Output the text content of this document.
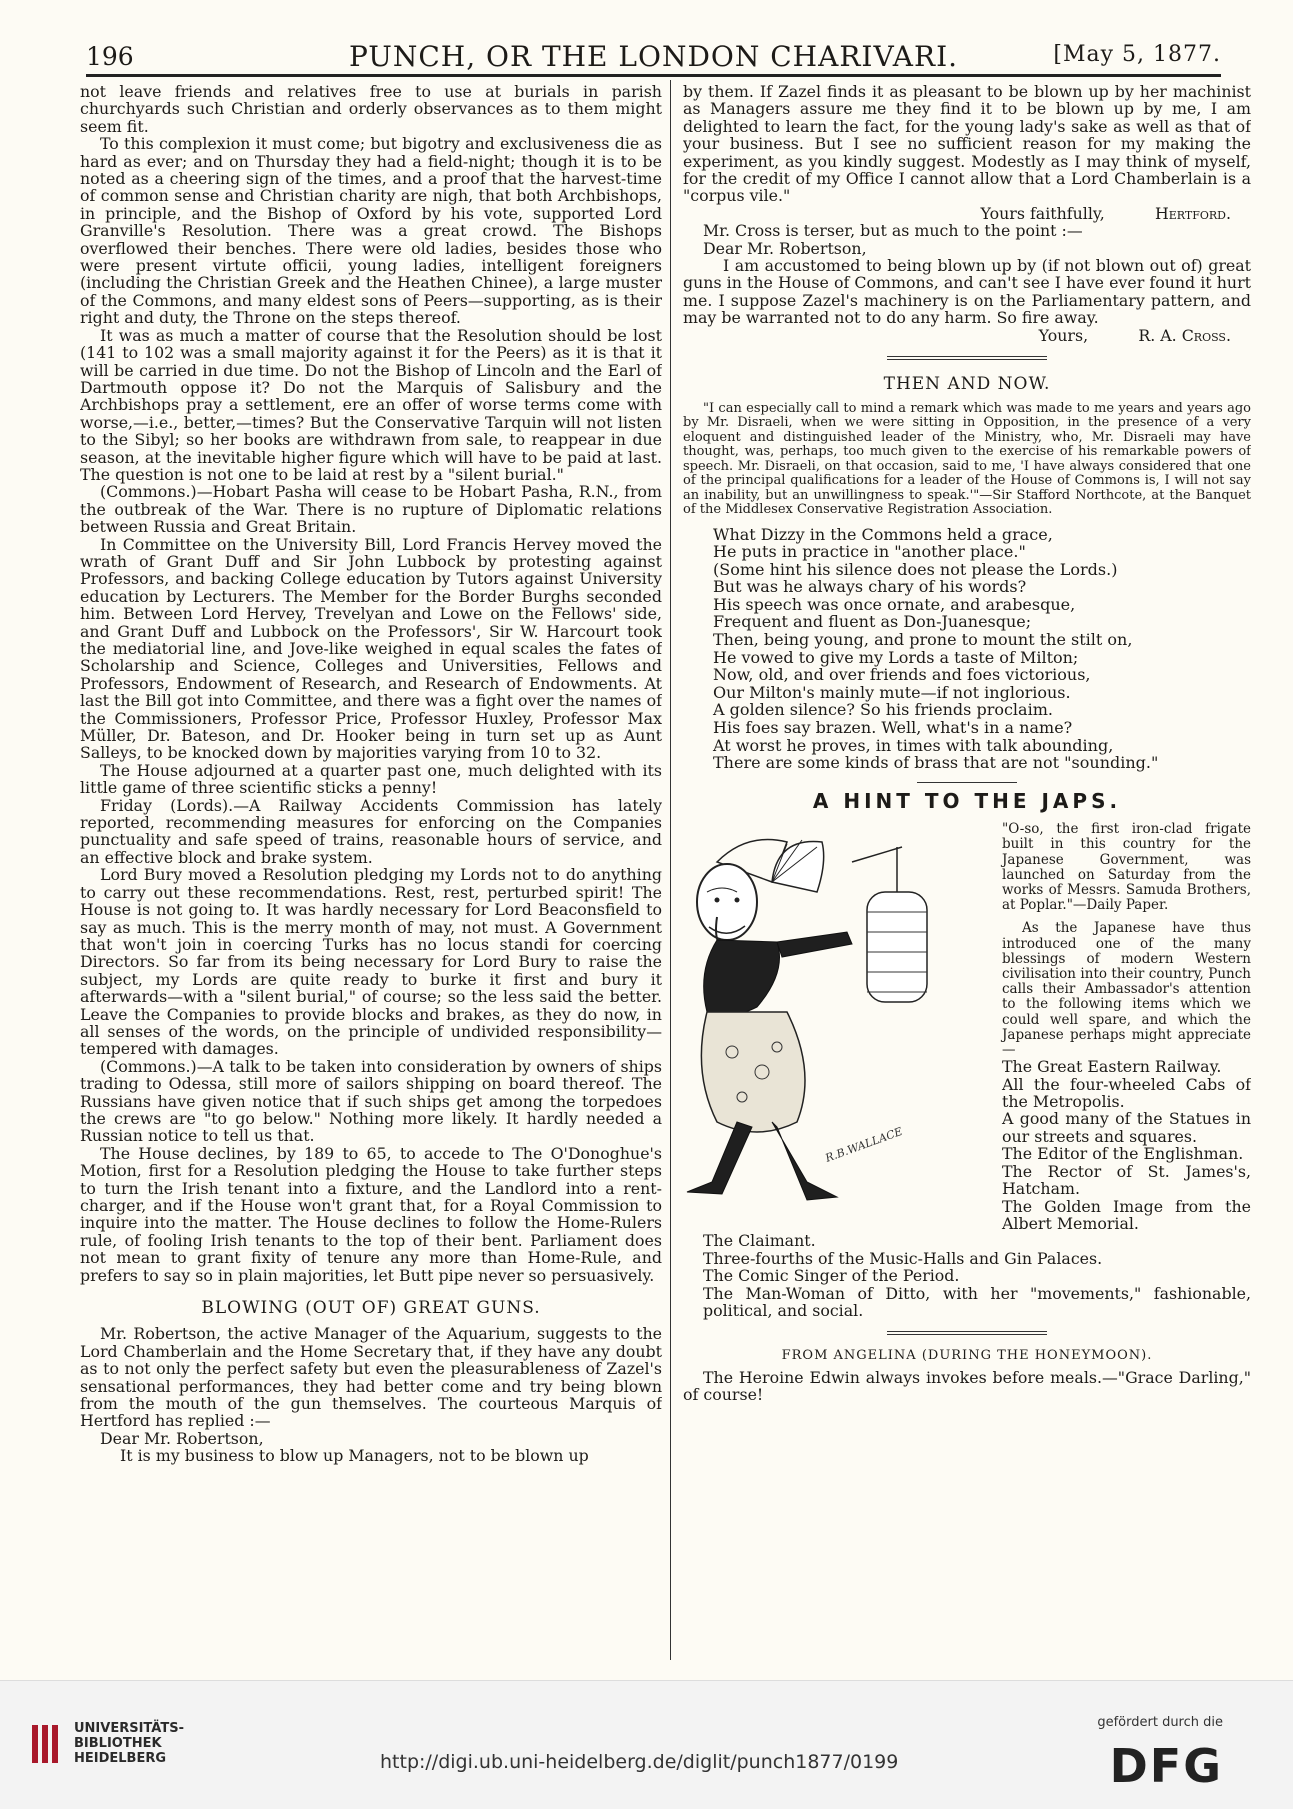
196	PUNCH, OR THE LONDON CHARIVARI.	[May 5, 1877.

not leave friends and relatives free to use at burials in parish churchyards such Christian and orderly observances as to them might seem fit.

To this complexion it must come; but bigotry and exclusiveness die as hard as ever; and on Thursday they had a field-night; though it is to be noted as a cheering sign of the times, and a proof that the harvest-time of common sense and Christian charity are nigh, that both Archbishops, in principle, and the Bishop of Oxford by his vote, supported Lord Granville's Resolution. There was a great crowd. The Bishops overflowed their benches. There were old ladies, besides those who were present virtute officii, young ladies, intelligent foreigners (including the Christian Greek and the Heathen Chinee), a large muster of the Commons, and many eldest sons of Peers—supporting, as is their right and duty, the Throne on the steps thereof.

It was as much a matter of course that the Resolution should be lost (141 to 102 was a small majority against it for the Peers) as it is that it will be carried in due time. Do not the Bishop of Lincoln and the Earl of Dartmouth oppose it? Do not the Marquis of Salisbury and the Archbishops pray a settlement, ere an offer of worse terms come with worse,—i.e., better,—times? But the Conservative Tarquin will not listen to the Sibyl; so her books are withdrawn from sale, to reappear in due season, at the inevitable higher figure which will have to be paid at last. The question is not one to be laid at rest by a "silent burial."

(Commons.)—Hobart Pasha will cease to be Hobart Pasha, R.N., from the outbreak of the War. There is no rupture of Diplomatic relations between Russia and Great Britain.

In Committee on the University Bill, Lord Francis Hervey moved the wrath of Grant Duff and Sir John Lubbock by protesting against Professors, and backing College education by Tutors against University education by Lecturers. The Member for the Border Burghs seconded him. Between Lord Hervey, Trevelyan and Lowe on the Fellows' side, and Grant Duff and Lubbock on the Professors', Sir W. Harcourt took the mediatorial line, and Jove-like weighed in equal scales the fates of Scholarship and Science, Colleges and Universities, Fellows and Professors, Endowment of Research, and Research of Endowments. At last the Bill got into Committee, and there was a fight over the names of the Commissioners, Professor Price, Professor Huxley, Professor Max Müller, Dr. Bateson, and Dr. Hooker being in turn set up as Aunt Salleys, to be knocked down by majorities varying from 10 to 32.

The House adjourned at a quarter past one, much delighted with its little game of three scientific sticks a penny!

Friday (Lords).—A Railway Accidents Commission has lately reported, recommending measures for enforcing on the Companies punctuality and safe speed of trains, reasonable hours of service, and an effective block and brake system.

Lord Bury moved a Resolution pledging my Lords not to do anything to carry out these recommendations. Rest, rest, perturbed spirit! The House is not going to. It was hardly necessary for Lord Beaconsfield to say as much. This is the merry month of may, not must. A Government that won't join in coercing Turks has no locus standi for coercing Directors. So far from its being necessary for Lord Bury to raise the subject, my Lords are quite ready to burke it first and bury it afterwards—with a "silent burial," of course; so the less said the better. Leave the Companies to provide blocks and brakes, as they do now, in all senses of the words, on the principle of undivided responsibility—tempered with damages.

(Commons.)—A talk to be taken into consideration by owners of ships trading to Odessa, still more of sailors shipping on board thereof. The Russians have given notice that if such ships get among the torpedoes the crews are "to go below." Nothing more likely. It hardly needed a Russian notice to tell us that.

The House declines, by 189 to 65, to accede to The O'Donoghue's Motion, first for a Resolution pledging the House to take further steps to turn the Irish tenant into a fixture, and the Landlord into a rent-charger, and if the House won't grant that, for a Royal Commission to inquire into the matter. The House declines to follow the Home-Rulers rule, of fooling Irish tenants to the top of their bent. Parliament does not mean to grant fixity of tenure any more than Home-Rule, and prefers to say so in plain majorities, let Butt pipe never so persuasively.

BLOWING (OUT OF) GREAT GUNS.

Mr. Robertson, the active Manager of the Aquarium, suggests to the Lord Chamberlain and the Home Secretary that, if they have any doubt as to not only the perfect safety but even the pleasurableness of Zazel's sensational performances, they had better come and try being blown from the mouth of the gun themselves. The courteous Marquis of Hertford has replied :—

Dear Mr. Robertson,

It is my business to blow up Managers, not to be blown up

by them. If Zazel finds it as pleasant to be blown up by her machinist as Managers assure me they find it to be blown up by me, I am delighted to learn the fact, for the young lady's sake as well as that of your business. But I see no sufficient reason for my making the experiment, as you kindly suggest. Modestly as I may think of myself, for the credit of my Office I cannot allow that a Lord Chamberlain is a "corpus vile."

Yours faithfully,	Hertford.

Mr. Cross is terser, but as much to the point :—

Dear Mr. Robertson,

I am accustomed to being blown up by (if not blown out of) great guns in the House of Commons, and can't see I have ever found it hurt me. I suppose Zazel's machinery is on the Parliamentary pattern, and may be warranted not to do any harm. So fire away.

Yours,	R. A. Cross.

THEN AND NOW.

"I can especially call to mind a remark which was made to me years and years ago by Mr. Disraeli, when we were sitting in Opposition, in the presence of a very eloquent and distinguished leader of the Ministry, who, Mr. Disraeli may have thought, was, perhaps, too much given to the exercise of his remarkable powers of speech. Mr. Disraeli, on that occasion, said to me, 'I have always considered that one of the principal qualifications for a leader of the House of Commons is, I will not say an inability, but an unwillingness to speak.'"—Sir Stafford Northcote, at the Banquet of the Middlesex Conservative Registration Association.

What Dizzy in the Commons held a grace,

He puts in practice in "another place."

(Some hint his silence does not please the Lords.)

But was he always chary of his words?

His speech was once ornate, and arabesque,

Frequent and fluent as Don-Juanesque;

Then, being young, and prone to mount the stilt on,

He vowed to give my Lords a taste of Milton;

Now, old, and over friends and foes victorious,

Our Milton's mainly mute—if not inglorious.

A golden silence? So his friends proclaim.

His foes say brazen. Well, what's in a name?

At worst he proves, in times with talk abounding,

There are some kinds of brass that are not "sounding."

A HINT TO THE JAPS.
R.B.WALLACE

"O-so, the first iron-clad frigate built in this country for the Japanese Government, was launched on Saturday from the works of Messrs. Samuda Brothers, at Poplar."—Daily Paper.

As the Japanese have thus introduced one of the many blessings of modern Western civilisation into their country, Punch calls their Ambassador's attention to the following items which we could well spare, and which the Japanese perhaps might appreciate—

The Great Eastern Railway.

All the four-wheeled Cabs of the Metropolis.

A good many of the Statues in our streets and squares.

The Editor of the Englishman.

The Rector of St. James's, Hatcham.

The Golden Image from the Albert Memorial.

The Claimant.

Three-fourths of the Music-Halls and Gin Palaces.

The Comic Singer of the Period.

The Man-Woman of Ditto, with her "movements," fashionable, political, and social.

FROM ANGELINA (DURING THE HONEYMOON).

The Heroine Edwin always invokes before meals.—"Grace Darling," of course!

UNIVERSITÄTS- BIBLIOTHEK HEIDELBERG	http://digi.ub.uni-heidelberg.de/diglit/punch1877/0199
gefördert durch die
DFG
